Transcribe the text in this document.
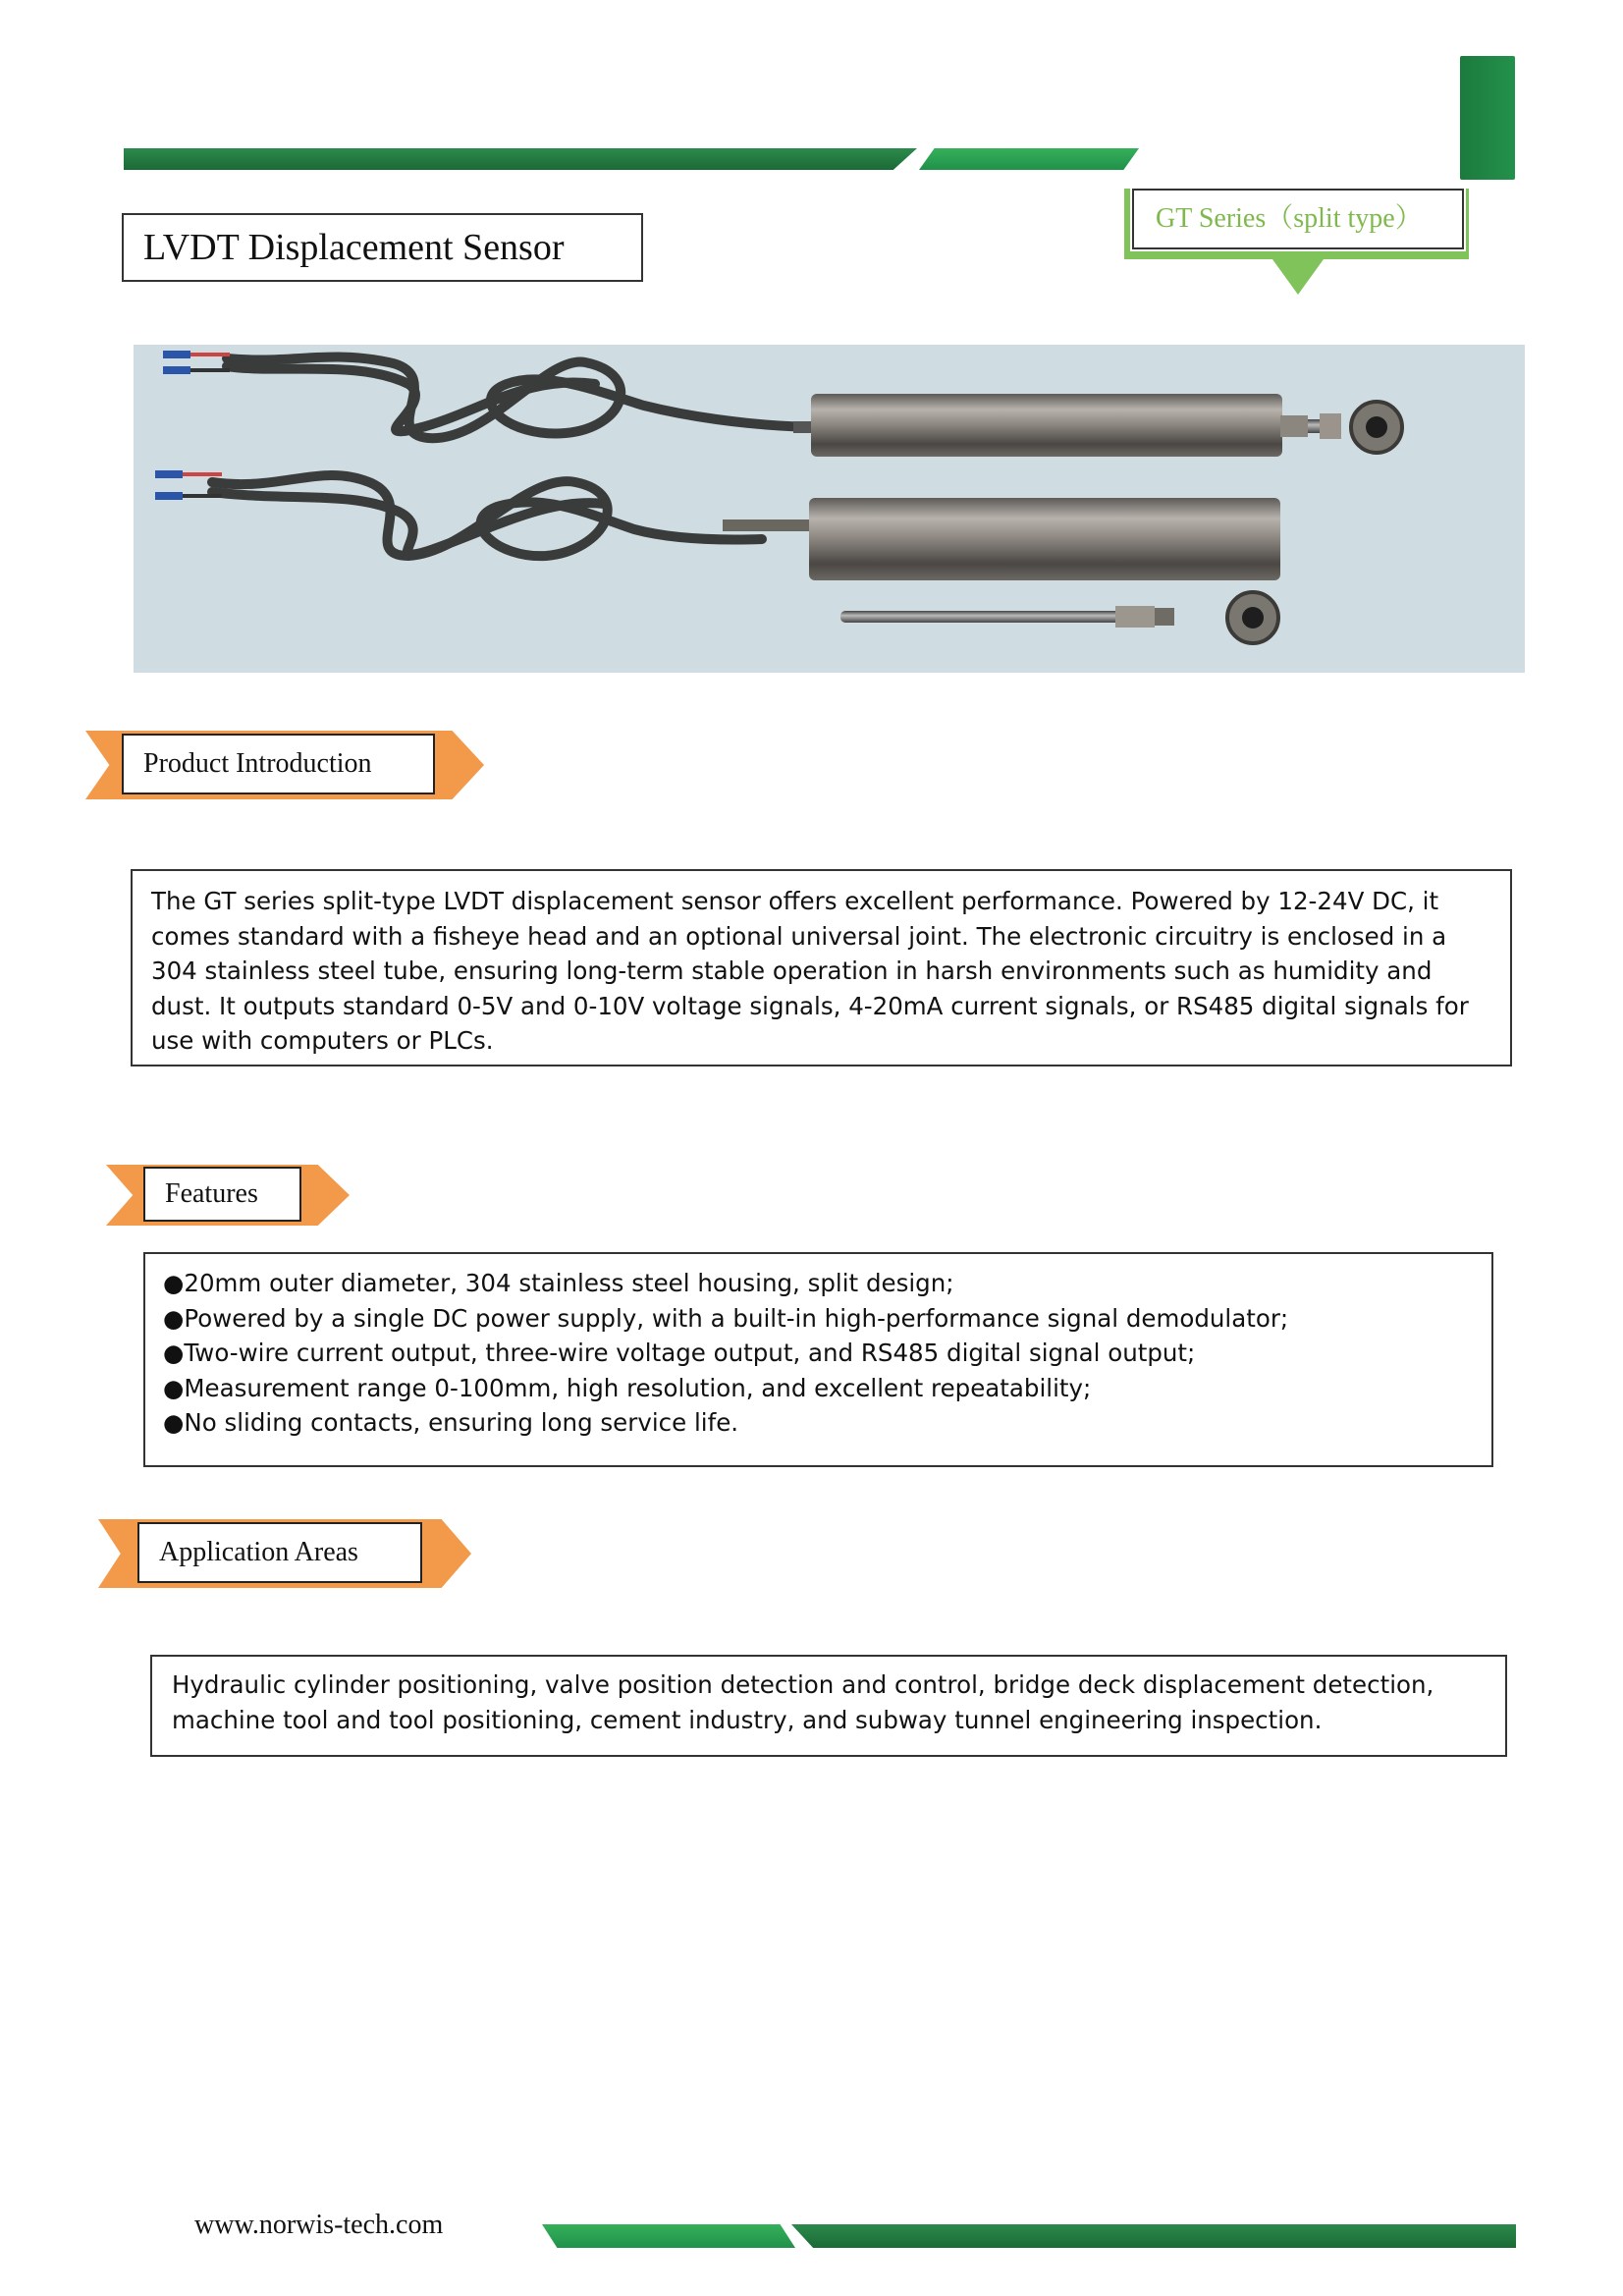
LVDT Displacement Sensor
GT Series（split type）
Product Introduction
The GT series split-type LVDT displacement sensor offers excellent performance. Powered by 12-24V DC, it comes standard with a fisheye head and an optional universal joint. The electronic circuitry is enclosed in a 304 stainless steel tube, ensuring long-term stable operation in harsh environments such as humidity and dust. It outputs standard 0-5V and 0-10V voltage signals, 4-20mA current signals, or RS485 digital signals for use with computers or PLCs.
Features
●20mm outer diameter, 304 stainless steel housing, split design;
●Powered by a single DC power supply, with a built-in high-performance signal demodulator;
●Two-wire current output, three-wire voltage output, and RS485 digital signal output;
●Measurement range 0-100mm, high resolution, and excellent repeatability;
●No sliding contacts, ensuring long service life.
Application Areas
Hydraulic cylinder positioning, valve position detection and control, bridge deck displacement detection, machine tool and tool positioning, cement industry, and subway tunnel engineering inspection.
www.norwis-tech.com
